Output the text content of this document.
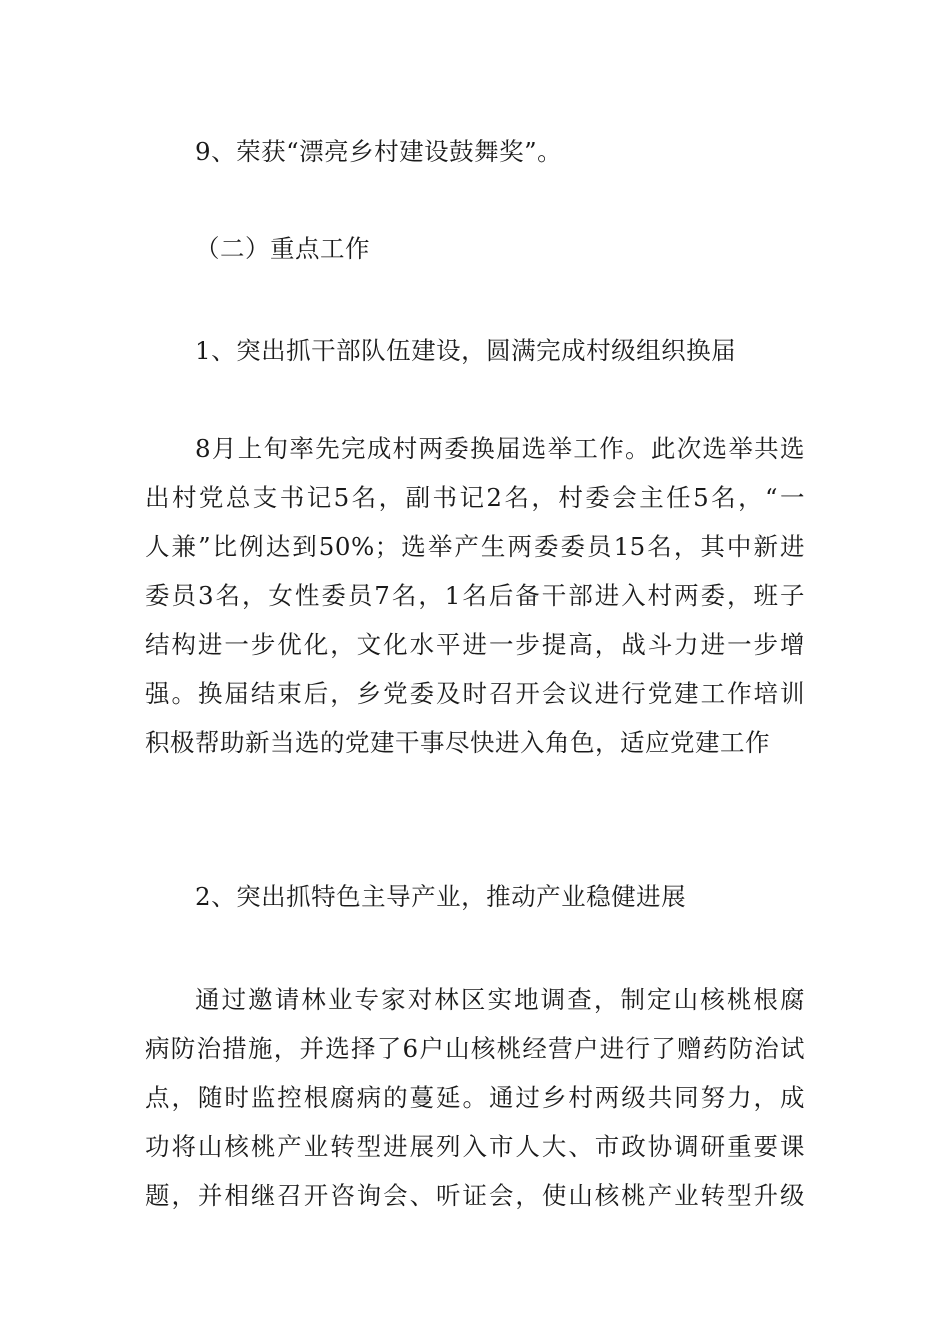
9、荣获“漂亮乡村建设鼓舞奖”。

（二）重点工作

1、突出抓干部队伍建设，圆满完成村级组织换届

8月上旬率先完成村两委换届选举工作。此次选举共选
出村党总支书记5名，副书记2名，村委会主任5名，“一
人兼”比例达到50%；选举产生两委委员15名，其中新进
委员3名，女性委员7名，1名后备干部进入村两委，班子
结构进一步优化，文化水平进一步提高，战斗力进一步增
强。换届结束后，乡党委及时召开会议进行党建工作培训
积极帮助新当选的党建干事尽快进入角色，适应党建工作

2、突出抓特色主导产业，推动产业稳健进展

通过邀请林业专家对林区实地调查，制定山核桃根腐
病防治措施，并选择了6户山核桃经营户进行了赠药防治试
点，随时监控根腐病的蔓延。通过乡村两级共同努力，成
功将山核桃产业转型进展列入市人大、市政协调研重要课
题，并相继召开咨询会、听证会，使山核桃产业转型升级
